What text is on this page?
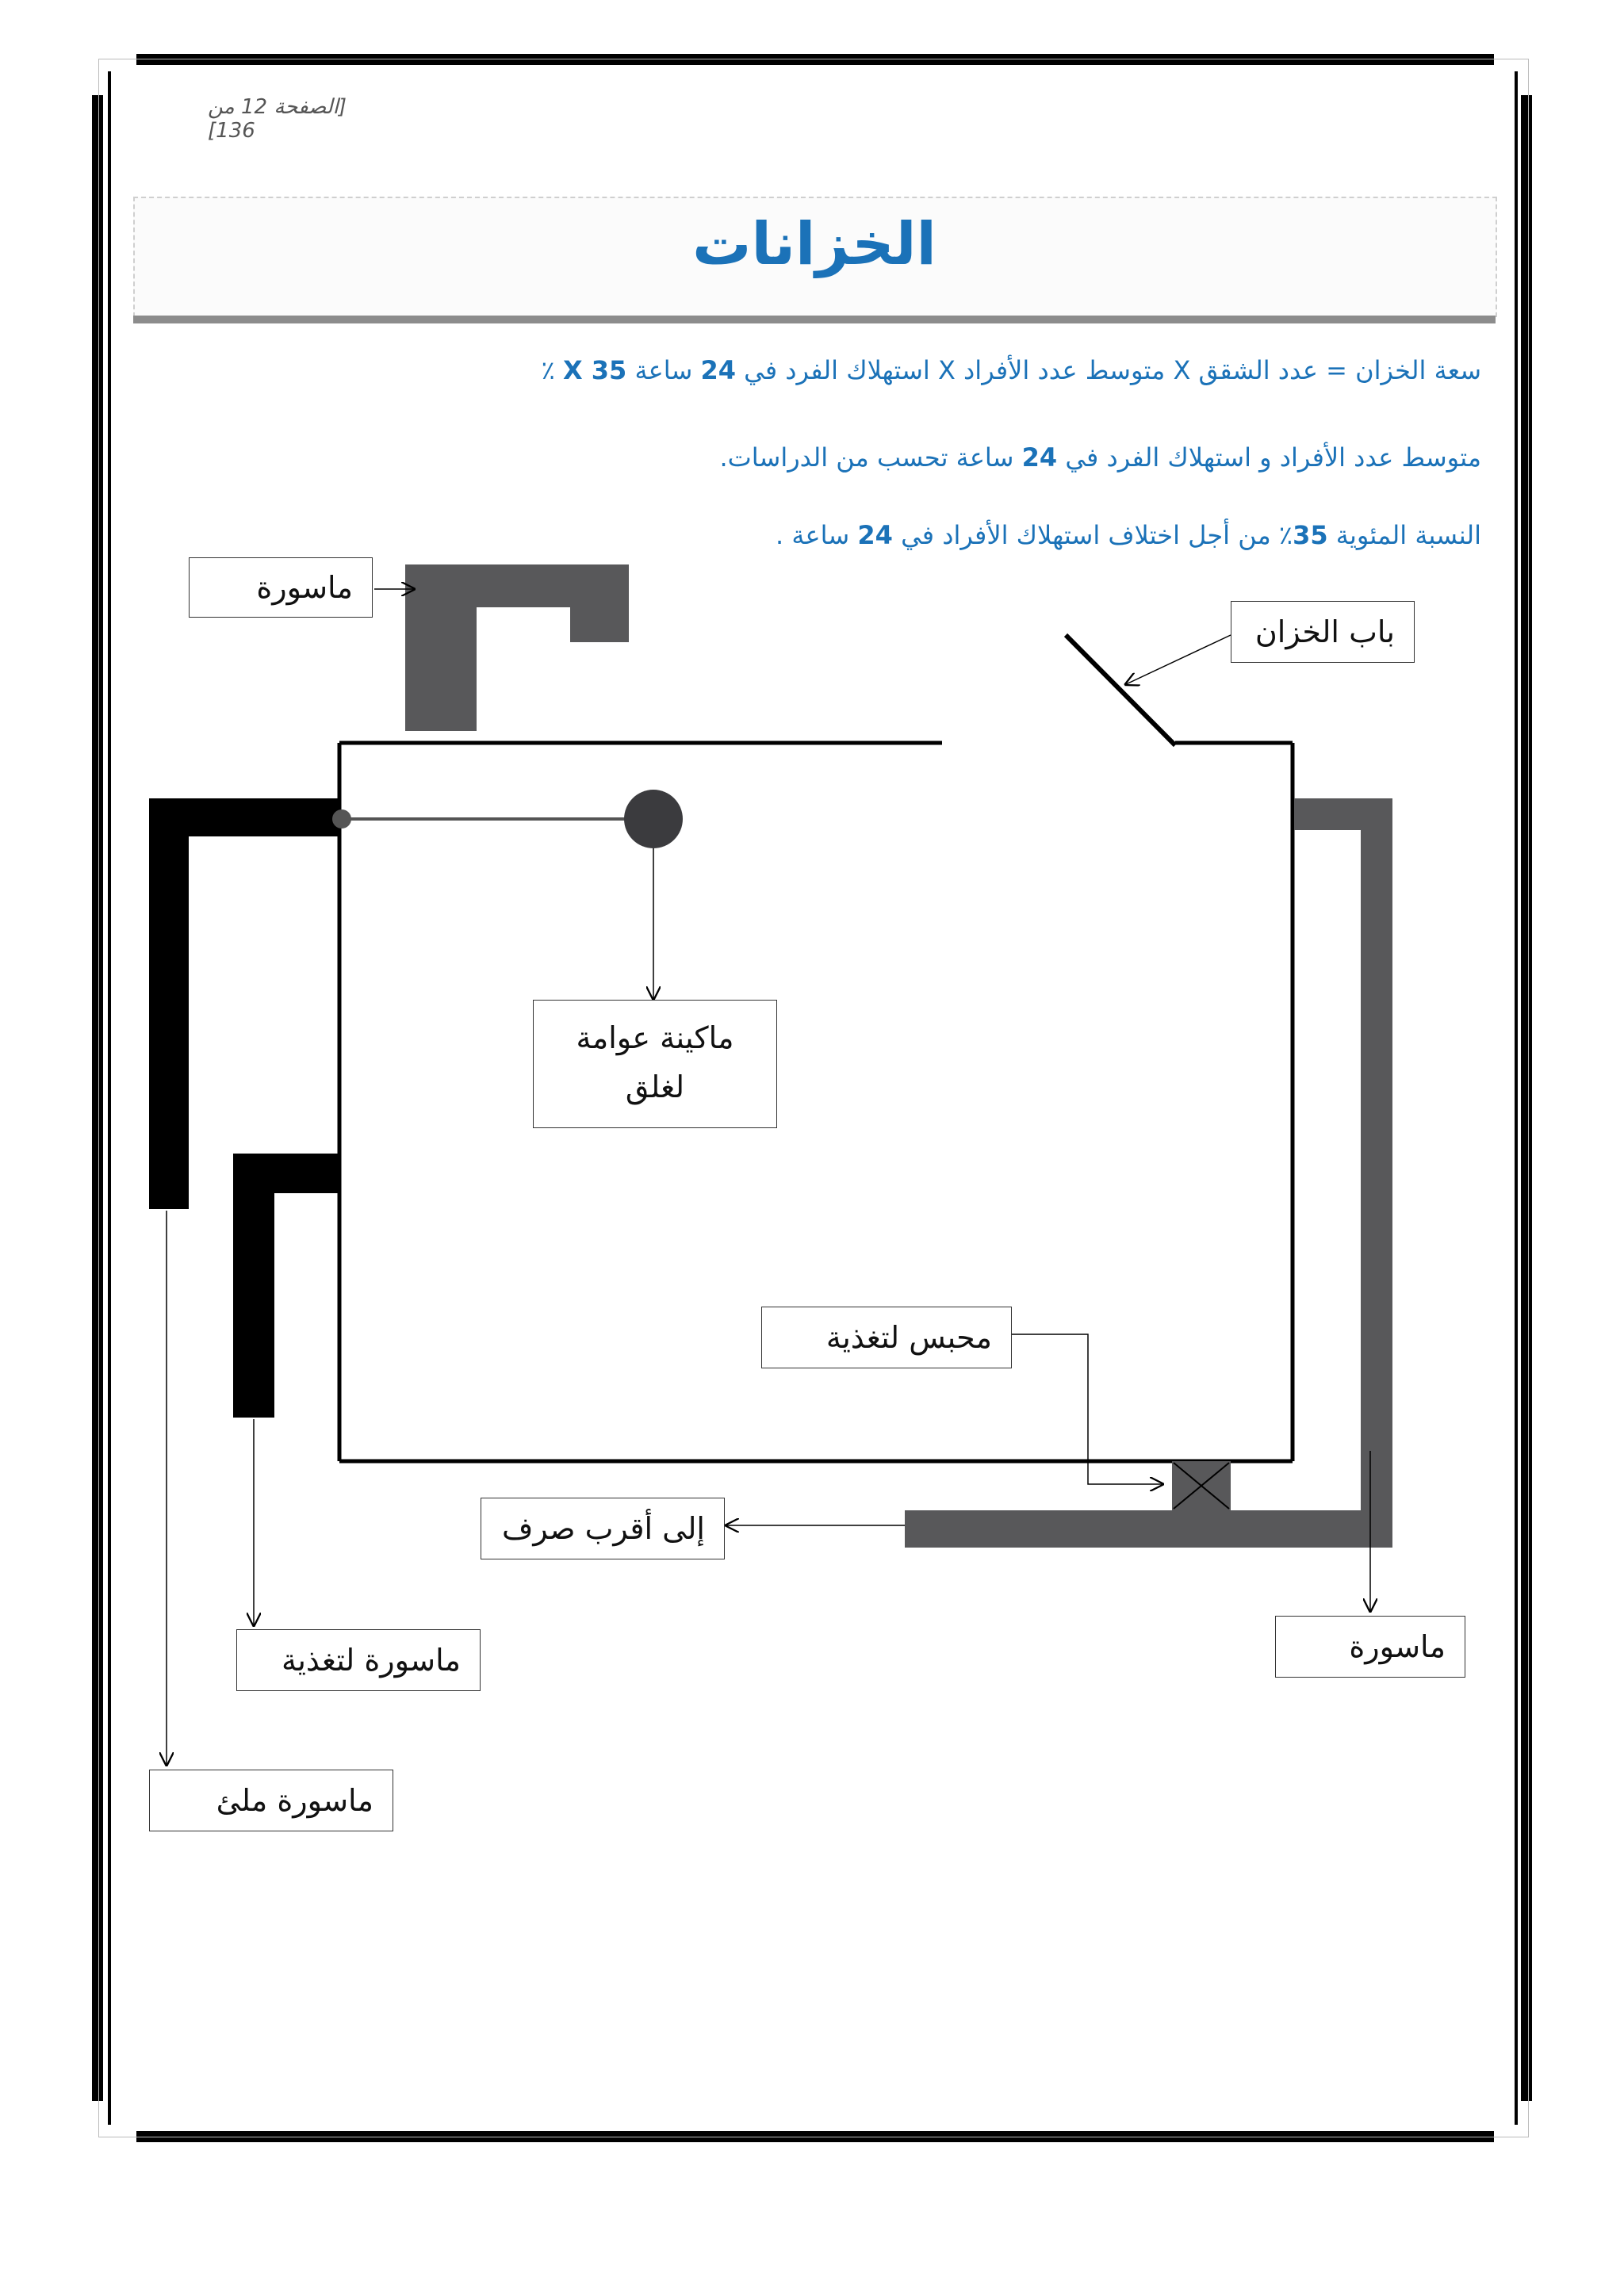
[الصفحة 12 من 136]
الخزانات
سعة الخزان = عدد الشقق X متوسط عدد الأفراد X استهلاك الفرد في 24 ساعة X 35 ٪
متوسط عدد الأفراد و استهلاك الفرد في 24 ساعة تحسب من الدراسات.
النسبة المئوية 35٪ من أجل اختلاف استهلاك الأفراد في 24 ساعة .
ماسورة
باب الخزان
ماكينة عوامة
لغلق
محبس لتغذية
إلى أقرب صرف
ماسورة لتغذية	ماسورة
ماسورة ملئ
